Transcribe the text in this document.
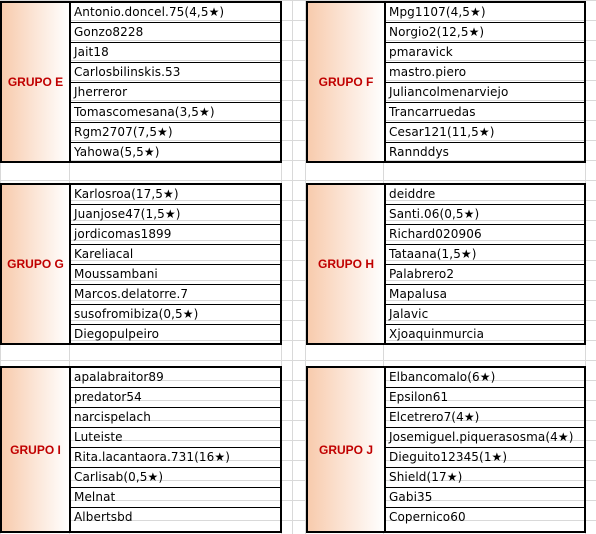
GRUPO E
Antonio.doncel.75(4,5★)
Gonzo8228
Jait18
Carlosbilinskis.53
Jherreror
Tomascomesana(3,5★)
Rgm2707(7,5★)
Yahowa(5,5★)
GRUPO F
Mpg1107(4,5★)
Norgio2(12,5★)
pmaravick
mastro.piero
Juliancolmenarviejo
Trancarruedas
Cesar121(11,5★)
Rannddys
GRUPO G
Karlosroa(17,5★)
Juanjose47(1,5★)
jordicomas1899
Kareliacal
Moussambani
Marcos.delatorre.7
susofromibiza(0,5★)
Diegopulpeiro
GRUPO H
deiddre
Santi.06(0,5★)
Richard020906
Tataana(1,5★)
Palabrero2
Mapalusa
Jalavic
Xjoaquinmurcia
GRUPO I
apalabraitor89
predator54
narcispelach
Luteiste
Rita.lacantaora.731(16★)
Carlisab(0,5★)
Melnat
Albertsbd
GRUPO J
Elbancomalo(6★)
Epsilon61
Elcetrero7(4★)
Josemiguel.piquerasosma(4★)
Dieguito12345(1★)
Shield(17★)
Gabi35
Copernico60
